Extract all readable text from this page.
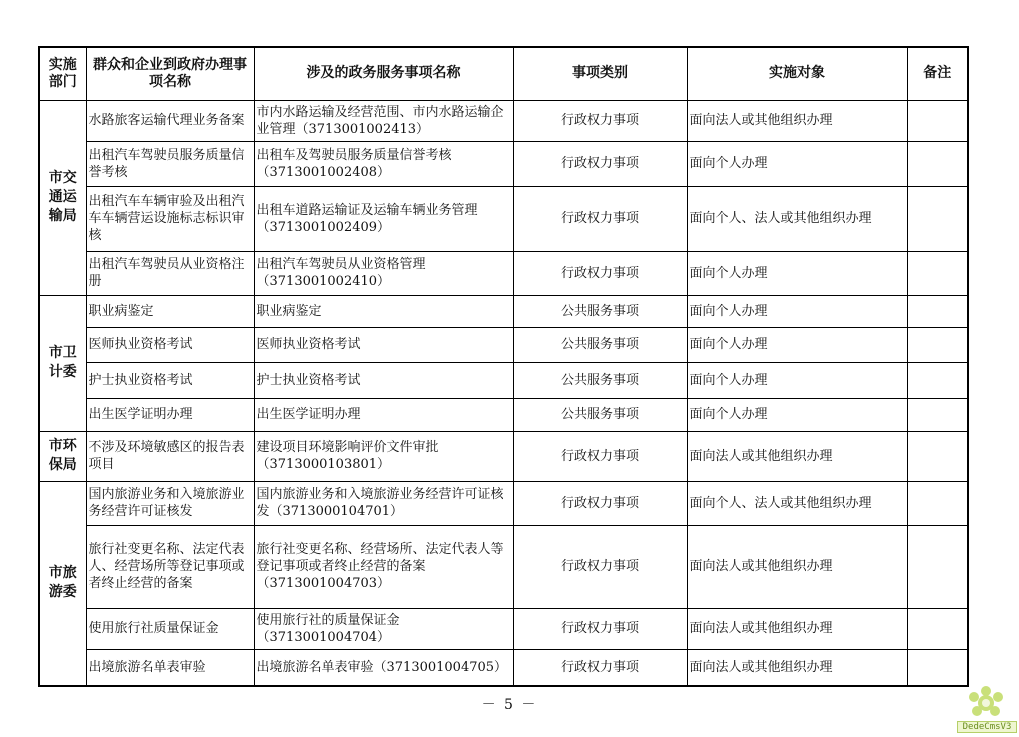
实施部门	群众和企业到政府办理事项名称	涉及的政务服务事项名称	事项类别	实施对象	备注
市交通运输局	水路旅客运输代理业务备案	市内水路运输及经营范围、市内水路运输企业管理（3713001002413）	行政权力事项	面向法人或其他组织办理	
	出租汽车驾驶员服务质量信誉考核	出租车及驾驶员服务质量信誉考核（3713001002408）	行政权力事项	面向个人办理	
	出租汽车车辆审验及出租汽车车辆营运设施标志标识审核	出租车道路运输证及运输车辆业务管理（3713001002409）	行政权力事项	面向个人、法人或其他组织办理	
	出租汽车驾驶员从业资格注册	出租汽车驾驶员从业资格管理（3713001002410）	行政权力事项	面向个人办理	
市卫计委	职业病鉴定	职业病鉴定	公共服务事项	面向个人办理	
	医师执业资格考试	医师执业资格考试	公共服务事项	面向个人办理	
	护士执业资格考试	护士执业资格考试	公共服务事项	面向个人办理	
	出生医学证明办理	出生医学证明办理	公共服务事项	面向个人办理	
市环保局	不涉及环境敏感区的报告表项目	建设项目环境影响评价文件审批（3713000103801）	行政权力事项	面向法人或其他组织办理	
市旅游委	国内旅游业务和入境旅游业务经营许可证核发	国内旅游业务和入境旅游业务经营许可证核发（3713000104701）	行政权力事项	面向个人、法人或其他组织办理	
	旅行社变更名称、法定代表人、经营场所等登记事项或者终止经营的备案	旅行社变更名称、经营场所、法定代表人等登记事项或者终止经营的备案（3713001004703）	行政权力事项	面向法人或其他组织办理	
	使用旅行社质量保证金	使用旅行社的质量保证金（3713001004704）	行政权力事项	面向法人或其他组织办理	
	出境旅游名单表审验	出境旅游名单表审验（3713001004705）	行政权力事项	面向法人或其他组织办理	
－ 5 －
DedeCmsV3
